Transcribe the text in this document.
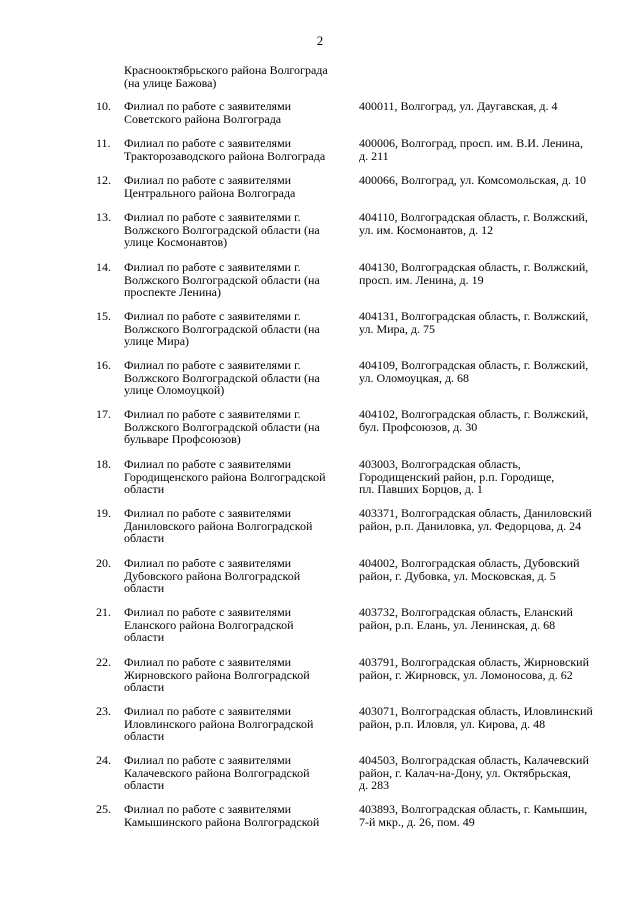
2
Краснооктябрьского района Волгограда
(на улице Бажова)
10.	Филиал по работе с заявителями
Советского района Волгограда
400011, Волгоград, ул. Даугавская, д. 4
11.	Филиал по работе с заявителями
Тракторозаводского района Волгограда
400006, Волгоград, просп. им. В.И. Ленина,
д. 211
12.	Филиал по работе с заявителями
Центрального района Волгограда
400066, Волгоград, ул. Комсомольская, д. 10
13.	Филиал по работе с заявителями г.
Волжского Волгоградской области (на
улице Космонавтов)
404110, Волгоградская область, г. Волжский,
ул. им. Космонавтов, д. 12
14.	Филиал по работе с заявителями г.
Волжского Волгоградской области (на
проспекте Ленина)
404130, Волгоградская область, г. Волжский,
просп. им. Ленина, д. 19
15.	Филиал по работе с заявителями г.
Волжского Волгоградской области (на
улице Мира)
404131, Волгоградская область, г. Волжский,
ул. Мира, д. 75
16.	Филиал по работе с заявителями г.
Волжского Волгоградской области (на
улице Оломоуцкой)
404109, Волгоградская область, г. Волжский,
ул. Оломоуцкая, д. 68
17.	Филиал по работе с заявителями г.
Волжского Волгоградской области (на
бульваре Профсоюзов)
404102, Волгоградская область, г. Волжский,
бул. Профсоюзов, д. 30
18.	Филиал по работе с заявителями
Городищенского района Волгоградской
области
403003, Волгоградская область,
Городищенский район, р.п. Городище,
пл. Павших Борцов, д. 1
19.	Филиал по работе с заявителями
Даниловского района Волгоградской
области
403371, Волгоградская область, Даниловский
район, р.п. Даниловка, ул. Федорцова, д. 24
20.	Филиал по работе с заявителями
Дубовского района Волгоградской
области
404002, Волгоградская область, Дубовский
район, г. Дубовка, ул. Московская, д. 5
21.	Филиал по работе с заявителями
Еланского района Волгоградской
области
403732, Волгоградская область, Еланский
район, р.п. Елань, ул. Ленинская, д. 68
22.	Филиал по работе с заявителями
Жирновского района Волгоградской
области
403791, Волгоградская область, Жирновский
район, г. Жирновск, ул. Ломоносова, д. 62
23.	Филиал по работе с заявителями
Иловлинского района Волгоградской
области
403071, Волгоградская область, Иловлинский
район, р.п. Иловля, ул. Кирова, д. 48
24.	Филиал по работе с заявителями
Калачевского района Волгоградской
области
404503, Волгоградская область, Калачевский
район, г. Калач-на-Дону, ул. Октябрьская,
д. 283
25.	Филиал по работе с заявителями
Камышинского района Волгоградской
403893, Волгоградская область, г. Камышин,
7-й мкр., д. 26, пом. 49
